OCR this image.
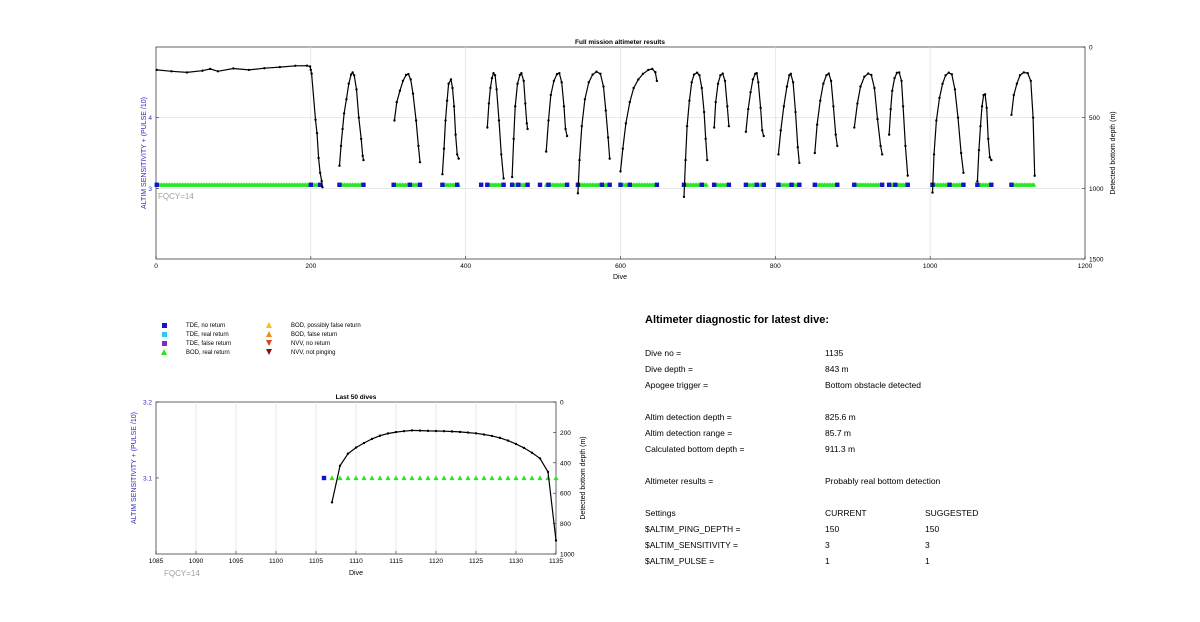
0	200	400	600	800	1000	1200
3
4
0
500
1000
1500
Full mission altimeter results
Dive
ALTIM SENSITIVITY + (PULSE /10)	Detected bottom depth (m)
FQCY=14
1085	1090	1095	1100	1105	1110	1115	1120	1125	1130	1135
3.1
3.2	0
200
400
600
800
1000
Last 50 dives
Dive
ALTIM SENSITIVITY + (PULSE /10)	Detected bottom depth (m)
FQCY=14
TDE, no return
TDE, real return
TDE, false return
BOD, real return
BOD, possibly false return
BOD, false return
NVV, no return
NVV, not pinging
Altimeter diagnostic for latest dive:
Dive no =	1135
Dive depth =	843 m
Apogee trigger =	Bottom obstacle detected
Altim detection depth =	825.6 m
Altim detection range =	85.7 m
Calculated bottom depth =	911.3 m
Altimeter results =	Probably real bottom detection
Settings	CURRENT	SUGGESTED
$ALTIM_PING_DEPTH =	150	150
$ALTIM_SENSITIVITY =	3	3
$ALTIM_PULSE =	1	1
